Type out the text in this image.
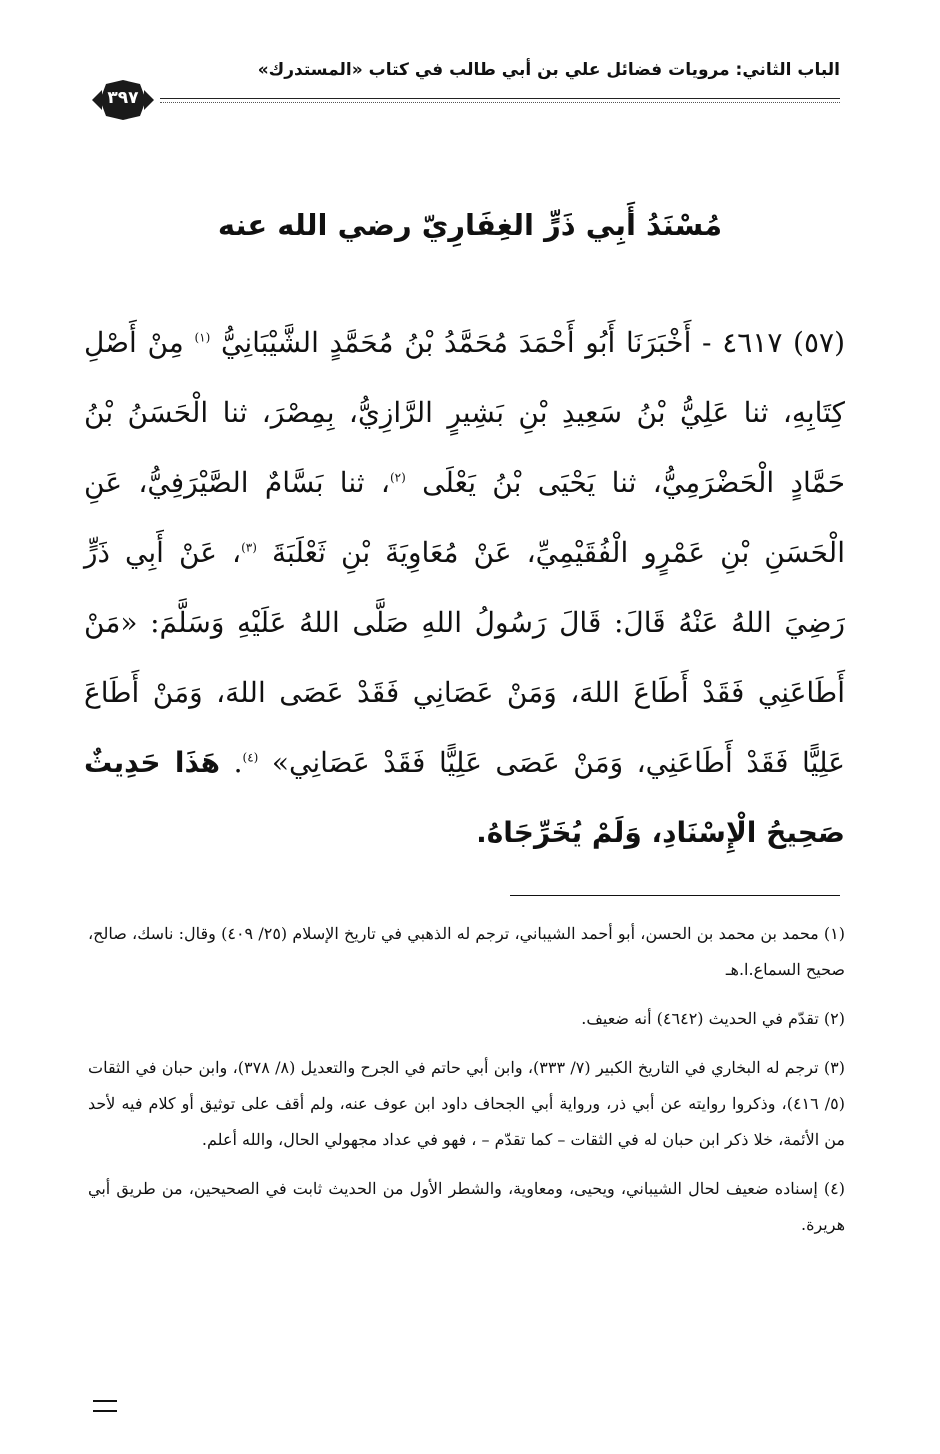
الباب الثاني: مرويات فضائل علي بن أبي طالب في كتاب «المستدرك»
٣٩٧
مُسْنَدُ أَبِي ذَرٍّ الغِفَارِيّ رضي الله عنه
(٥٧) ٤٦١٧ - أَخْبَرَنَا أَبُو أَحْمَدَ مُحَمَّدُ بْنُ مُحَمَّدٍ الشَّيْبَانِيُّ $^{(١)}$ مِنْ أَصْلِ كِتَابِهِ، ثنا عَلِيُّ بْنُ سَعِيدِ بْنِ بَشِيرٍ الرَّازِيُّ، بِمِصْرَ، ثنا الْحَسَنُ بْنُ حَمَّادٍ الْحَضْرَمِيُّ، ثنا يَحْيَى بْنُ يَعْلَى $^{(٢)}$، ثنا بَسَّامٌ الصَّيْرَفِيُّ، عَنِ الْحَسَنِ بْنِ عَمْرٍو الْفُقَيْمِيِّ، عَنْ مُعَاوِيَةَ بْنِ ثَعْلَبَةَ $^{(٣)}$، عَنْ أَبِي ذَرٍّ رَضِيَ اللهُ عَنْهُ قَالَ: قَالَ رَسُولُ اللهِ صَلَّى اللهُ عَلَيْهِ وَسَلَّمَ: «مَنْ أَطَاعَنِي فَقَدْ أَطَاعَ اللهَ، وَمَنْ عَصَانِي فَقَدْ عَصَى اللهَ، وَمَنْ أَطَاعَ عَلِيًّا فَقَدْ أَطَاعَنِي، وَمَنْ عَصَى عَلِيًّا فَقَدْ عَصَانِي» $^{(٤)}$. هَذَا حَدِيثٌ صَحِيحُ الْإِسْنَادِ، وَلَمْ يُخَرِّجَاهُ.

(١) محمد بن محمد بن الحسن، أبو أحمد الشيباني، ترجم له الذهبي في تاريخ الإسلام (٢٥/ ٤٠٩) وقال: ناسك، صالح، صحيح السماع.ا.هـ

(٢) تقدّم في الحديث (٤٦٤٢) أنه ضعيف.

(٣) ترجم له البخاري في التاريخ الكبير (٧/ ٣٣٣)، وابن أبي حاتم في الجرح والتعديل (٨/ ٣٧٨)، وابن حبان في الثقات (٥/ ٤١٦)، وذكروا روايته عن أبي ذر، ورواية أبي الجحاف داود ابن عوف عنه، ولم أقف على توثيق أو كلام فيه لأحد من الأئمة، خلا ذكر ابن حبان له في الثقات – كما تقدّم – ، فهو في عداد مجهولي الحال، والله أعلم.

(٤) إسناده ضعيف لحال الشيباني، ويحيى، ومعاوية، والشطر الأول من الحديث ثابت في الصحيحين، من طريق أبي هريرة.
